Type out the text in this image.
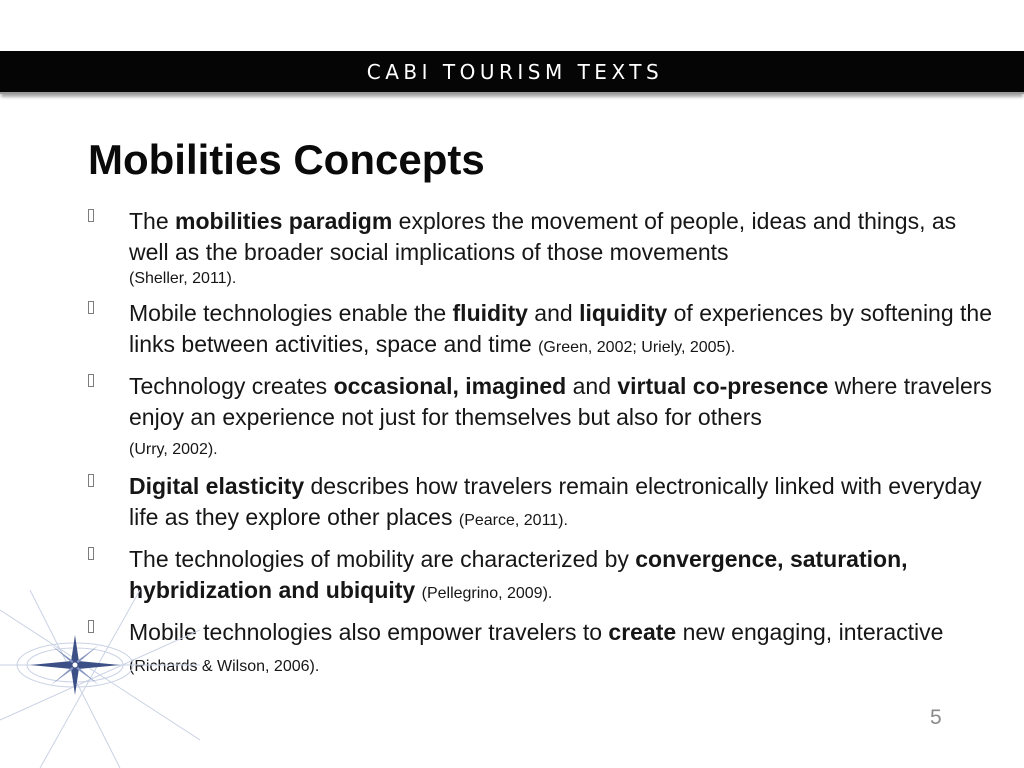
CABI TOURISM TEXTS
Mobilities Concepts
The mobilities paradigm explores the movement of people, ideas and things, as well as the broader social implications of those movements
(Sheller, 2011).
Mobile technologies enable the fluidity and liquidity of experiences by softening the links between activities, space and time (Green, 2002; Uriely, 2005).
Technology creates occasional, imagined and virtual co-presence where travelers enjoy an experience not just for themselves but also for others
(Urry, 2002).
Digital elasticity describes how travelers remain electronically linked with everyday life as they explore other places (Pearce, 2011).
The technologies of mobility are characterized by convergence, saturation, hybridization and ubiquity (Pellegrino, 2009).
Mobile technologies also empower travelers to create new engaging, interactive (Richards & Wilson, 2006).
5
